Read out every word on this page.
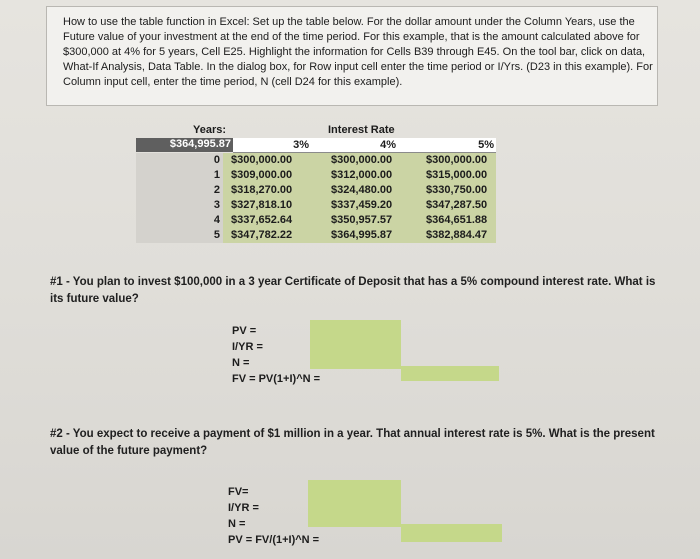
How to use the table function in Excel: Set up the table below. For the dollar amount under the Column Years, use the Future value of your investment at the end of the time period. For this example, that is the amount calculated above for $300,000 at 4% for 5 years, Cell E25. Highlight the information for Cells B39 through E45. On the tool bar, click on data, What-If Analysis, Data Table. In the dialog box, for Row input cell enter the time period or I/Yrs. (D23 in this example). For Column input cell, enter the time period, N (cell D24 for this example).
Years:	Interest Rate
$364,995.87	3%	4%	5%
0 $300,000.00	$300,000.00	$300,000.00
1 $309,000.00	$312,000.00	$315,000.00
2 $318,270.00	$324,480.00	$330,750.00
3 $327,818.10	$337,459.20	$347,287.50
4 $337,652.64	$350,957.57	$364,651.88
5 $347,782.22	$364,995.87	$382,884.47
#1 - You plan to invest $100,000 in a 3 year Certificate of Deposit that has a 5% compound interest rate. What is its future value?
PV =
I/YR =
N =
FV = PV(1+I)^N =
#2 - You expect to receive a payment of $1 million in a year. That annual interest rate is 5%. What is the present value of the future payment?
FV=
I/YR =
N =
PV = FV/(1+I)^N =
